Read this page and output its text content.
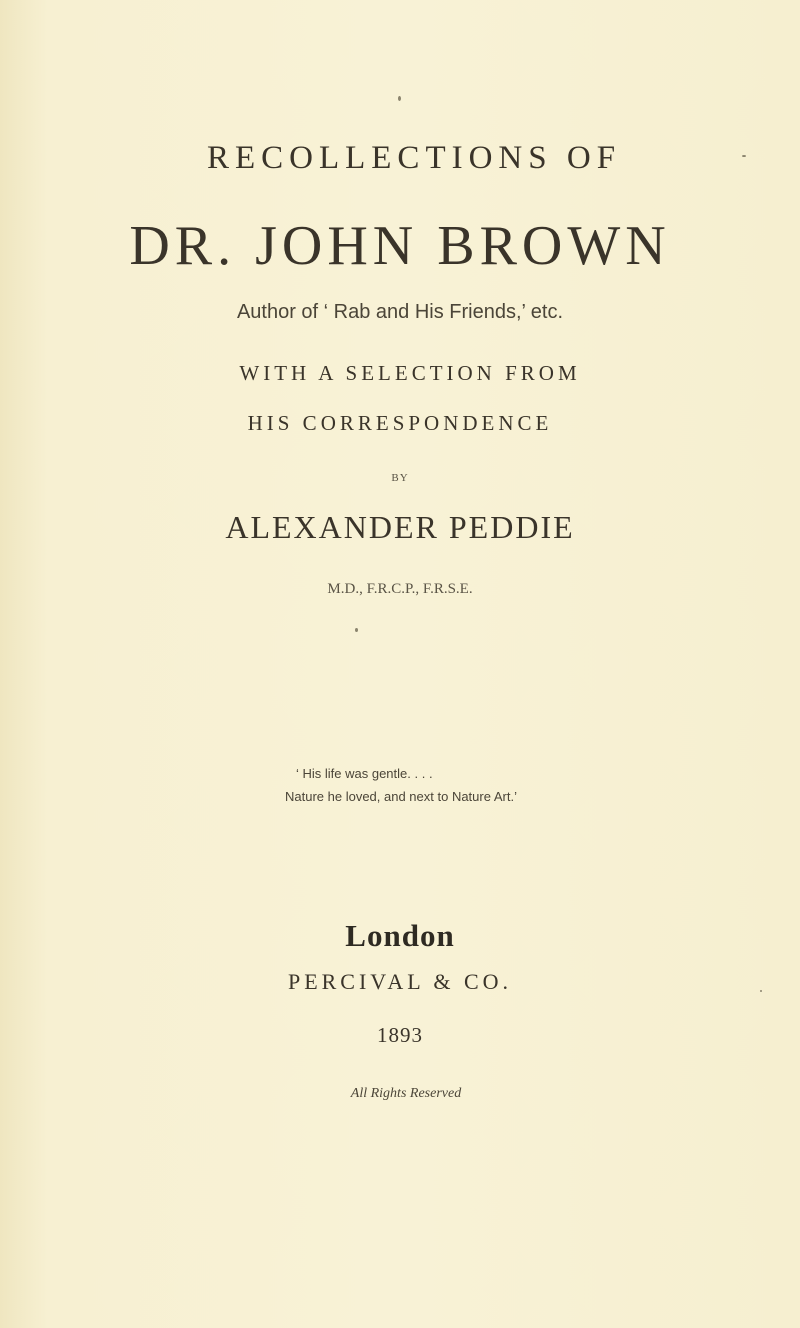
RECOLLECTIONS OF
DR. JOHN BROWN
Author of ‘ Rab and His Friends,’ etc.
WITH A SELECTION FROM
HIS CORRESPONDENCE
BY
ALEXANDER PEDDIE
M.D., F.R.C.P., F.R.S.E.
‘ His life was gentle. . . .
Nature he loved, and next to Nature Art.’
London
PERCIVAL & CO.
1893
All Rights Reserved
